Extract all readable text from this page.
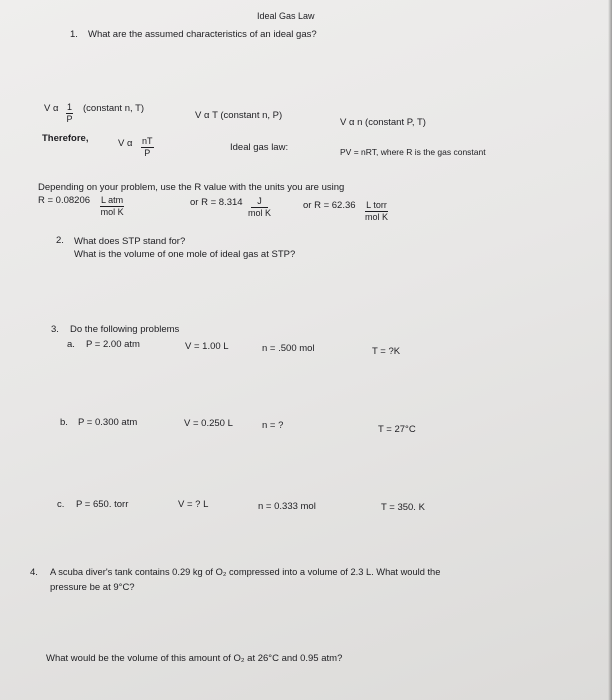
Ideal Gas Law
1. What are the assumed characteristics of an ideal gas?
V α $\frac{1}{P}$ (constant n, T)
V α T (constant n, P)
V α n (constant P, T)
Therefore,	V α $\frac{nT}{P}$	Ideal gas law:	PV = nRT, where R is the gas constant
Depending on your problem, use the R value with the units you are using
R = 0.08206 L atm
mol K
or R = 8.314	J
mol K
or R = 62.36 L torr
mol K
2. What does STP stand for?
What is the volume of one mole of ideal gas at STP?
3. Do the following problems
a. P = 2.00 atm	V = 1.00 L	n = .500 mol	T = ?K
b. P = 0.300 atm	V = 0.250 L	n = ?	T = 27°C
c. P = 650. torr	V = ? L	n = 0.333 mol	T = 350. K
4. A scuba diver's tank contains 0.29 kg of O₂ compressed into a volume of 2.3 L. What would the
pressure be at 9°C?
What would be the volume of this amount of O₂ at 26°C and 0.95 atm?
